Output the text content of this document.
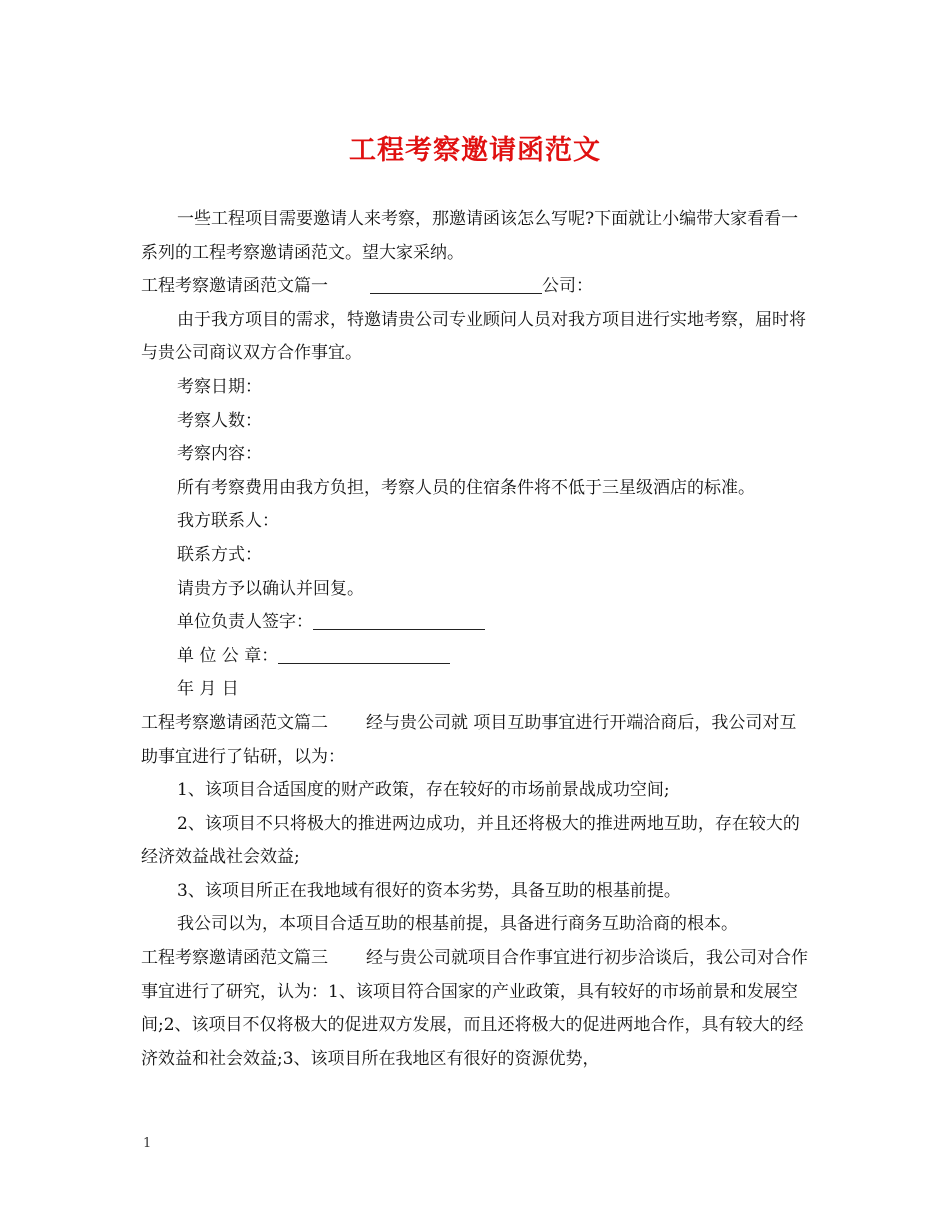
工程考察邀请函范文

一些工程项目需要邀请人来考察，那邀请函该怎么写呢?下面就让小编带大家看看一系列的工程考察邀请函范文。望大家采纳。

工程考察邀请函范文篇一	公司：

由于我方项目的需求，特邀请贵公司专业顾问人员对我方项目进行实地考察，届时将与贵公司商议双方合作事宜。

考察日期：

考察人数：

考察内容：

所有考察费用由我方负担，考察人员的住宿条件将不低于三星级酒店的标准。

我方联系人：

联系方式：

请贵方予以确认并回复。

单位负责人签字：

单 位 公 章：

年 月 日

工程考察邀请函范文篇二 经与贵公司就 项目互助事宜进行开端洽商后，我公司对互助事宜进行了钻研，以为：

1、该项目合适国度的财产政策，存在较好的市场前景战成功空间;

2、该项目不只将极大的推进两边成功，并且还将极大的推进两地互助，存在较大的经济效益战社会效益;

3、该项目所正在我地域有很好的资本劣势，具备互助的根基前提。

我公司以为，本项目合适互助的根基前提，具备进行商务互助洽商的根本。

工程考察邀请函范文篇三 经与贵公司就项目合作事宜进行初步洽谈后，我公司对合作事宜进行了研究，认为：1、该项目符合国家的产业政策，具有较好的市场前景和发展空间;2、该项目不仅将极大的促进双方发展，而且还将极大的促进两地合作，具有较大的经济效益和社会效益;3、该项目所在我地区有很好的资源优势，

1
